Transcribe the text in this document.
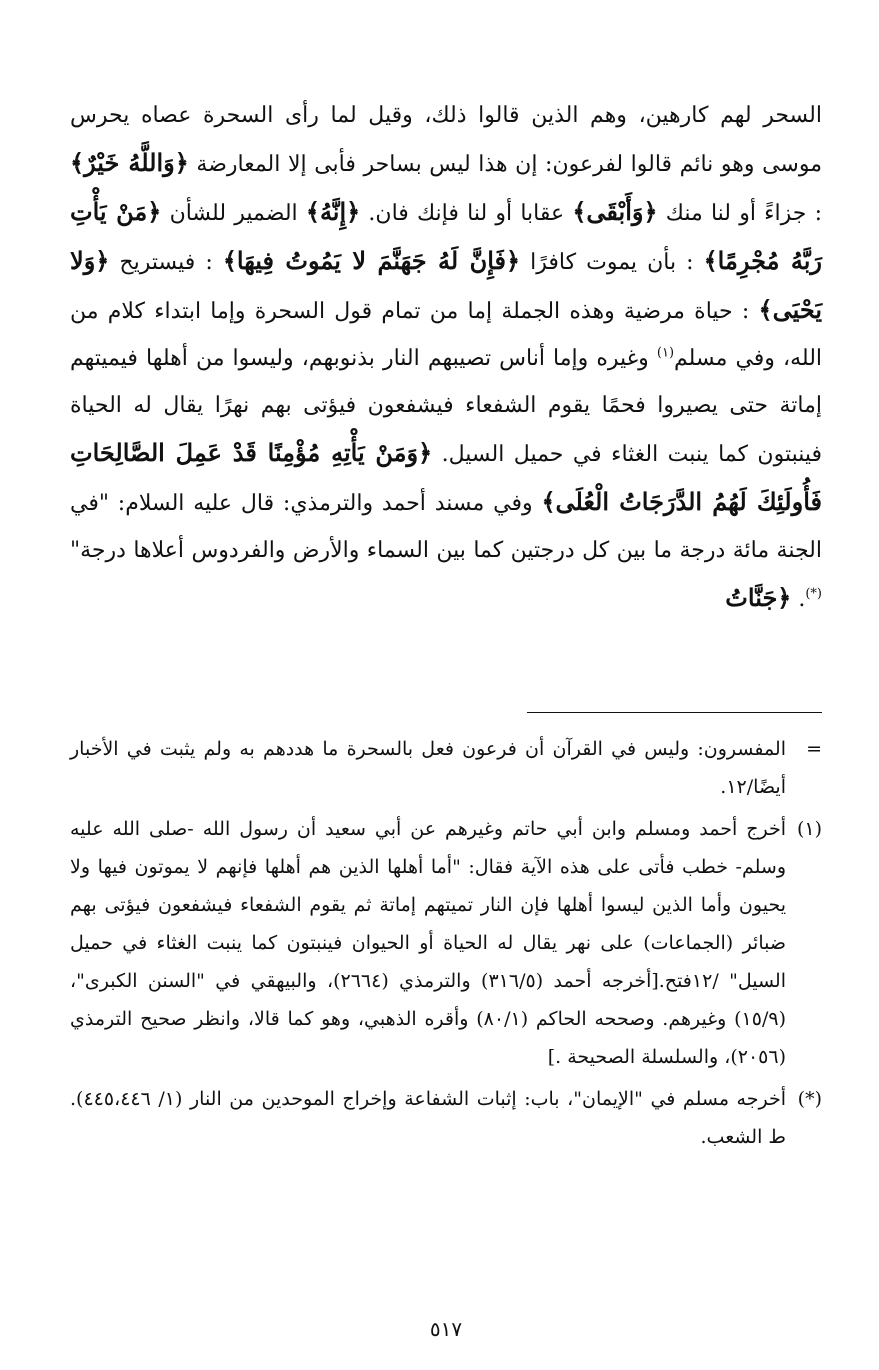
السحر لهم كارهين، وهم الذين قالوا ذلك، وقيل لما رأى السحرة عصاه يحرس موسى وهو نائم قالوا لفرعون: إن هذا ليس بساحر فأبى إلا المعارضة ﴿وَاللَّهُ خَيْرٌ﴾ : جزاءً أو لنا منك ﴿وَأَبْقَى﴾ عقابا أو لنا فإنك فان. ﴿إِنَّهُ﴾ الضمير للشأن ﴿مَنْ يَأْتِ رَبَّهُ مُجْرِمًا﴾ : بأن يموت كافرًا ﴿فَإِنَّ لَهُ جَهَنَّمَ لا يَمُوتُ فِيهَا﴾ : فيستريح ﴿وَلا يَحْيَى﴾ : حياة مرضية وهذه الجملة إما من تمام قول السحرة وإما ابتداء كلام من الله، وفي مسلم$^{(١)}$ وغيره وإما أناس تصيبهم النار بذنوبهم، وليسوا من أهلها فيميتهم إماتة حتى يصيروا فحمًا يقوم الشفعاء فيشفعون فيؤتى بهم نهرًا يقال له الحياة فينبتون كما ينبت الغثاء في حميل السيل. ﴿وَمَنْ يَأْتِهِ مُؤْمِنًا قَدْ عَمِلَ الصَّالِحَاتِ فَأُولَئِكَ لَهُمُ الدَّرَجَاتُ الْعُلَى﴾ وفي مسند أحمد والترمذي: قال عليه السلام: "في الجنة مائة درجة ما بين كل درجتين كما بين السماء والأرض والفردوس أعلاها درجة"(*). ﴿جَنَّاتُ

=
المفسرون: وليس في القرآن أن فرعون فعل بالسحرة ما هددهم به ولم يثبت في الأخبار أيضًا/١٢.
(١)
أخرج أحمد ومسلم وابن أبي حاتم وغيرهم عن أبي سعيد أن رسول الله -صلى الله عليه وسلم- خطب فأتى على هذه الآية فقال: "أما أهلها الذين هم أهلها فإنهم لا يموتون فيها ولا يحيون وأما الذين ليسوا أهلها فإن النار تميتهم إماتة ثم يقوم الشفعاء فيشفعون فيؤتى بهم ضبائر (الجماعات) على نهر يقال له الحياة أو الحيوان فينبتون كما ينبت الغثاء في حميل السيل" /١٢فتح.[أخرجه أحمد (٣١٦/٥) والترمذي (٢٦٦٤)، والبيهقي في "السنن الكبرى"، (١٥/٩) وغيرهم. وصححه الحاكم (٨٠/١) وأقره الذهبي، وهو كما قالا، وانظر صحيح الترمذي (٢٠٥٦)، والسلسلة الصحيحة .]
(*)
أخرجه مسلم في "الإيمان"، باب: إثبات الشفاعة وإخراج الموحدين من النار (١/ ٤٤٥،٤٤٦). ط الشعب.
٥١٧
